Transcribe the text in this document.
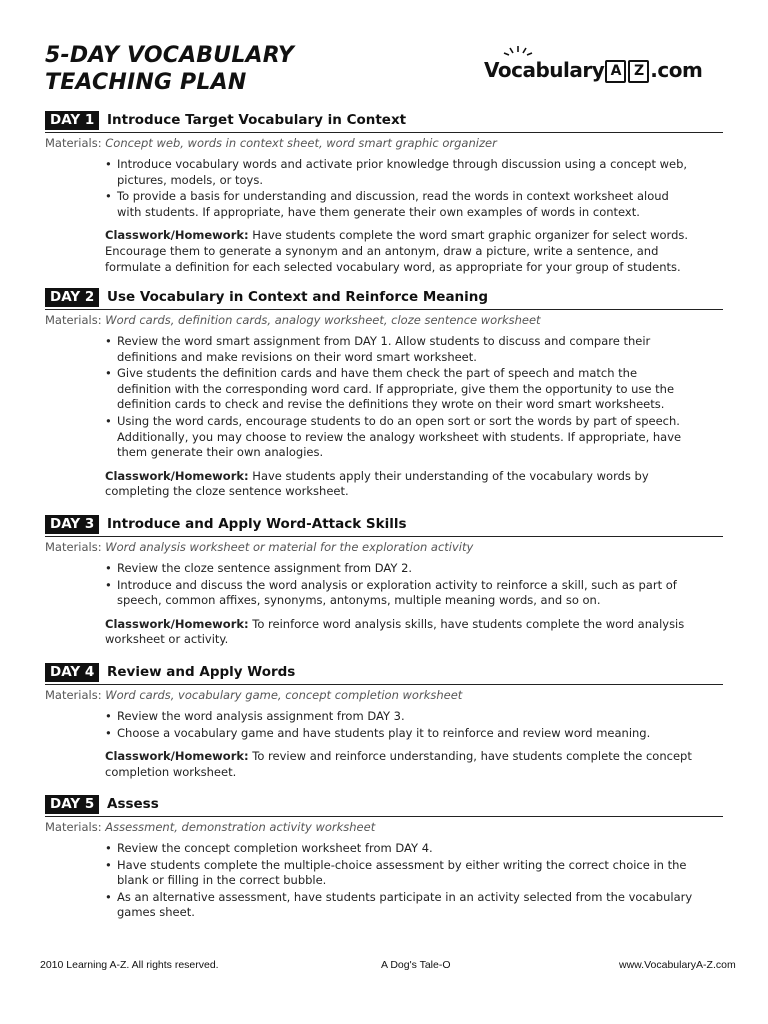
5-DAY VOCABULARY
TEACHING PLAN	Vocabulary A Z .com
DAY 1 Introduce Target Vocabulary in Context
Materials: Concept web, words in context sheet, word smart graphic organizer
• Introduce vocabulary words and activate prior knowledge through discussion using a concept web, pictures, models, or toys.
• To provide a basis for understanding and discussion, read the words in context worksheet aloud with students. If appropriate, have them generate their own examples of words in context.
Classwork/Homework: Have students complete the word smart graphic organizer for select words. Encourage them to generate a synonym and an antonym, draw a picture, write a sentence, and formulate a definition for each selected vocabulary word, as appropriate for your group of students.
DAY 2 Use Vocabulary in Context and Reinforce Meaning
Materials: Word cards, definition cards, analogy worksheet, cloze sentence worksheet
• Review the word smart assignment from DAY 1. Allow students to discuss and compare their definitions and make revisions on their word smart worksheet.
• Give students the definition cards and have them check the part of speech and match the definition with the corresponding word card. If appropriate, give them the opportunity to use the definition cards to check and revise the definitions they wrote on their word smart worksheets.
• Using the word cards, encourage students to do an open sort or sort the words by part of speech. Additionally, you may choose to review the analogy worksheet with students. If appropriate, have them generate their own analogies.
Classwork/Homework: Have students apply their understanding of the vocabulary words by completing the cloze sentence worksheet.
DAY 3 Introduce and Apply Word-Attack Skills
Materials: Word analysis worksheet or material for the exploration activity
• Review the cloze sentence assignment from DAY 2.
• Introduce and discuss the word analysis or exploration activity to reinforce a skill, such as part of speech, common affixes, synonyms, antonyms, multiple meaning words, and so on.
Classwork/Homework: To reinforce word analysis skills, have students complete the word analysis worksheet or activity.
DAY 4 Review and Apply Words
Materials: Word cards, vocabulary game, concept completion worksheet
• Review the word analysis assignment from DAY 3.
• Choose a vocabulary game and have students play it to reinforce and review word meaning.
Classwork/Homework: To review and reinforce understanding, have students complete the concept completion worksheet.
DAY 5 Assess
Materials: Assessment, demonstration activity worksheet
• Review the concept completion worksheet from DAY 4.
• Have students complete the multiple-choice assessment by either writing the correct choice in the blank or filling in the correct bubble.
• As an alternative assessment, have students participate in an activity selected from the vocabulary games sheet.
2010 Learning A-Z. All rights reserved.	A Dog's Tale-O	www.VocabularyA-Z.com
